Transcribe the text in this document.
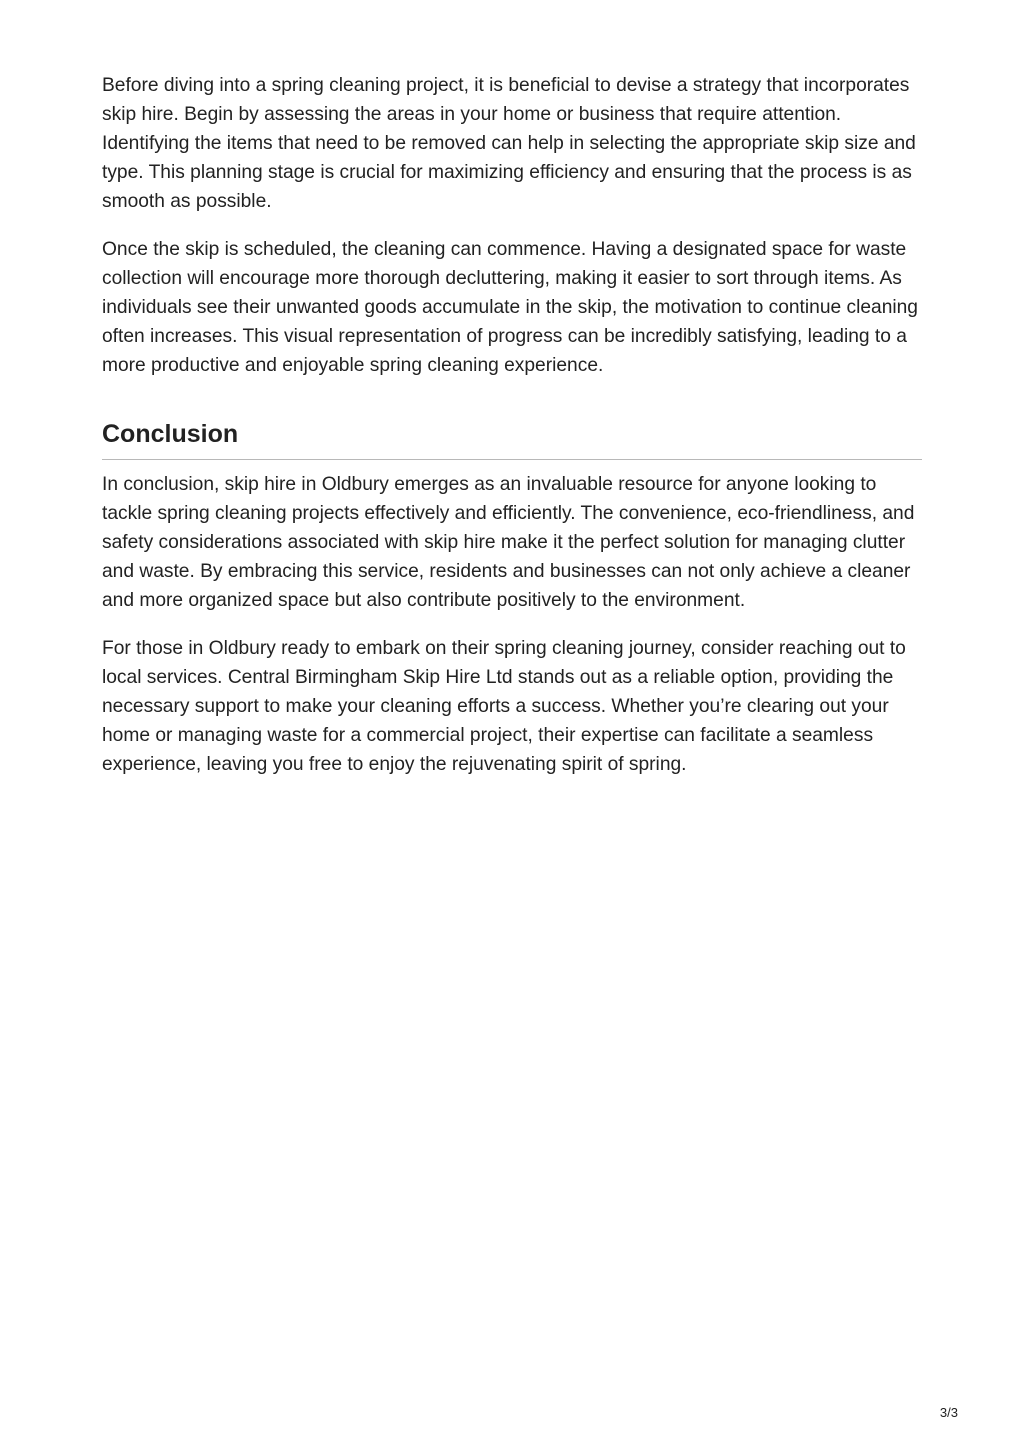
Before diving into a spring cleaning project, it is beneficial to devise a strategy that incorporates skip hire. Begin by assessing the areas in your home or business that require attention. Identifying the items that need to be removed can help in selecting the appropriate skip size and type. This planning stage is crucial for maximizing efficiency and ensuring that the process is as smooth as possible.

Once the skip is scheduled, the cleaning can commence. Having a designated space for waste collection will encourage more thorough decluttering, making it easier to sort through items. As individuals see their unwanted goods accumulate in the skip, the motivation to continue cleaning often increases. This visual representation of progress can be incredibly satisfying, leading to a more productive and enjoyable spring cleaning experience.

Conclusion

In conclusion, skip hire in Oldbury emerges as an invaluable resource for anyone looking to tackle spring cleaning projects effectively and efficiently. The convenience, eco-friendliness, and safety considerations associated with skip hire make it the perfect solution for managing clutter and waste. By embracing this service, residents and businesses can not only achieve a cleaner and more organized space but also contribute positively to the environment.

For those in Oldbury ready to embark on their spring cleaning journey, consider reaching out to local services. Central Birmingham Skip Hire Ltd stands out as a reliable option, providing the necessary support to make your cleaning efforts a success. Whether you’re clearing out your home or managing waste for a commercial project, their expertise can facilitate a seamless experience, leaving you free to enjoy the rejuvenating spirit of spring.

3/3
